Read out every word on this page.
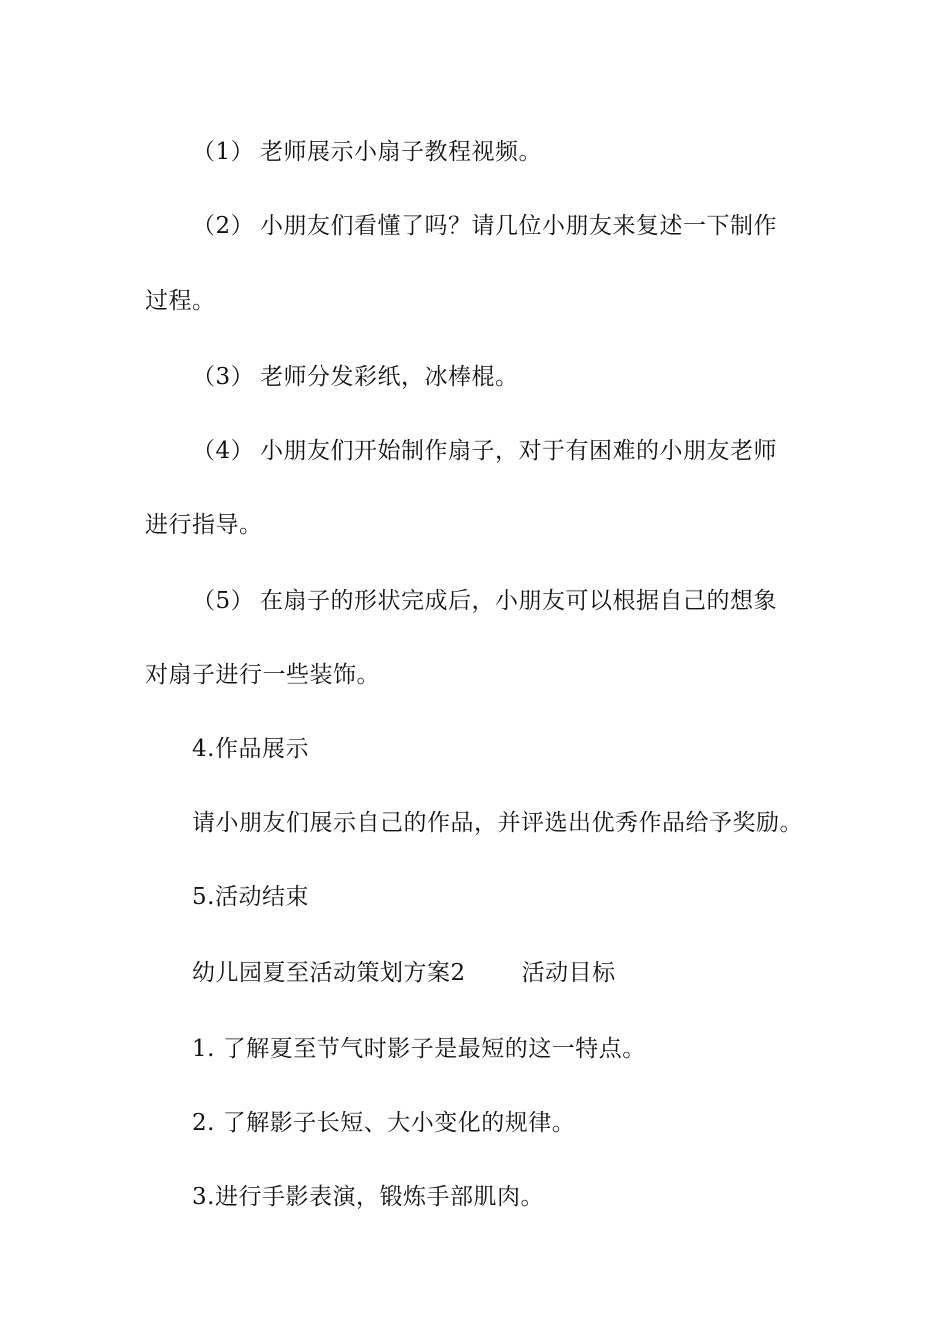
（1） 老师展示小扇子教程视频。
（2） 小朋友们看懂了吗？请几位小朋友来复述一下制作
过程。
（3） 老师分发彩纸，冰棒棍。
（4） 小朋友们开始制作扇子，对于有困难的小朋友老师
进行指导。
（5） 在扇子的形状完成后，小朋友可以根据自己的想象
对扇子进行一些装饰。
4.作品展示
请小朋友们展示自己的作品，并评选出优秀作品给予奖励。
5.活动结束
幼儿园夏至活动策划方案2 活动目标
1. 了解夏至节气时影子是最短的这一特点。
2. 了解影子长短、大小变化的规律。
3.进行手影表演，锻炼手部肌肉。
